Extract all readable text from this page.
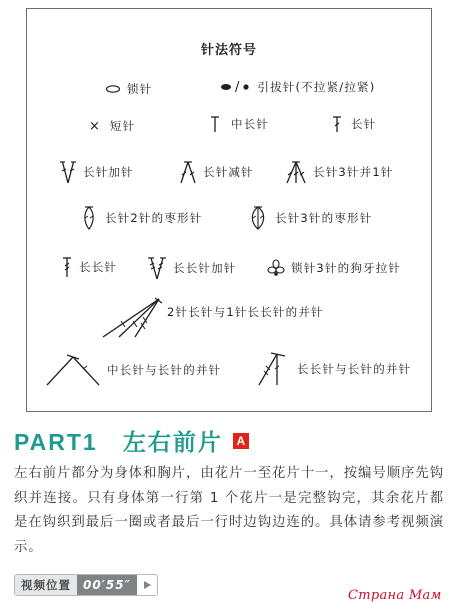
针法符号
锁针	/ 引拔针(不拉紧/拉紧)
× 短针	中长针	长针
长针加针	长针减针	长针3针并1针
长针2针的枣形针	长针3针的枣形针
长长针	长长针加针	锁针3针的狗牙拉针
2针长针与1针长长针的并针
中长针与长针的并针	长长针与长针的并针
PART1   左右前片	A

左右前片都分为身体和胸片，由花片一至花片十一，按编号顺序先钩织并连接。只有身体第一行第 1 个花片一是完整钩完，其余花片都是在钩织到最后一圈或者最后一行时边钩边连的。具体请参考视频演示。

视频位置	00′55″
Страна Мам
